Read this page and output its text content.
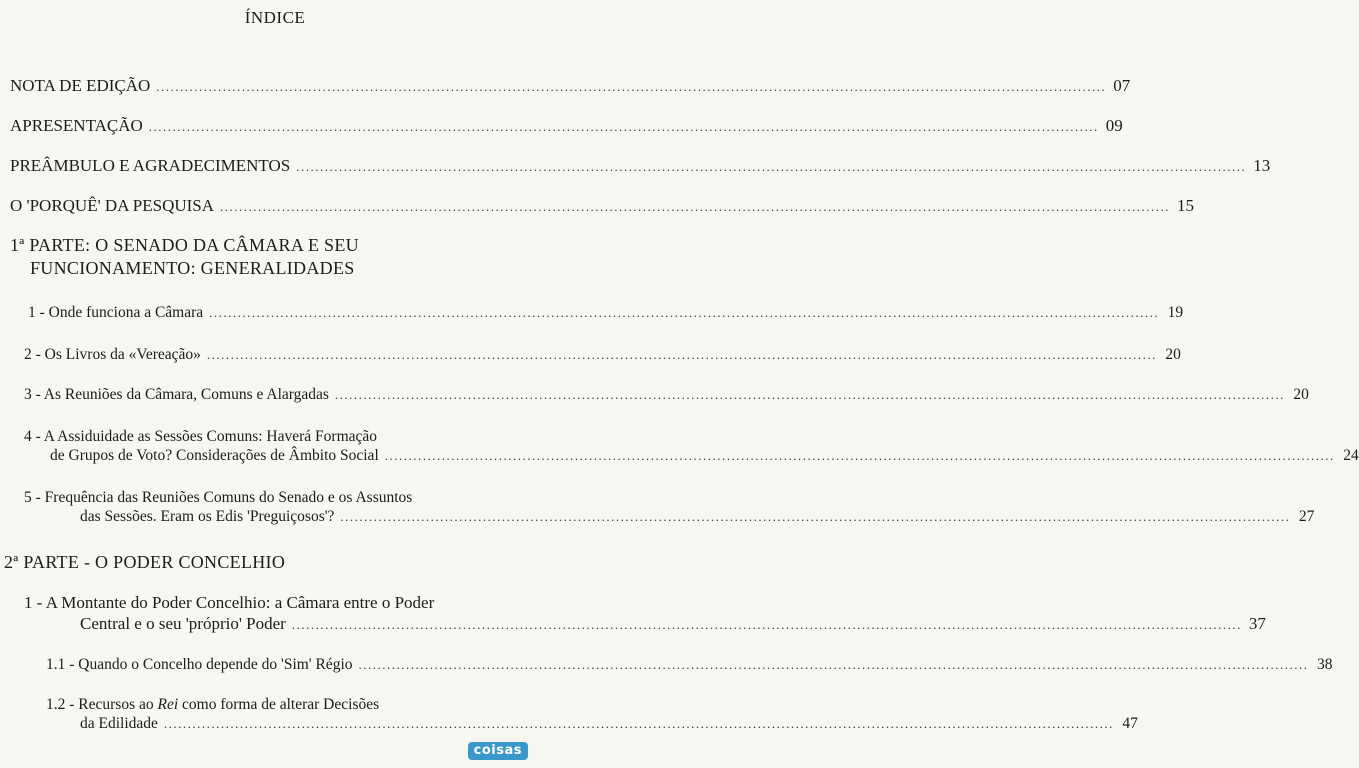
ÍNDICE
NOTA DE EDIÇÃO ........................................................................................................................................................................................................ 07
APRESENTAÇÃO ........................................................................................................................................................................................................ 09
PREÂMBULO E AGRADECIMENTOS ........................................................................................................................................................................................................ 13
O 'PORQUÊ' DA PESQUISA ........................................................................................................................................................................................................ 15
1ª PARTE: O SENADO DA CÂMARA E SEU
FUNCIONAMENTO: GENERALIDADES
1 - Onde funciona a Câmara ........................................................................................................................................................................................................ 19
2 - Os Livros da «Vereação» ........................................................................................................................................................................................................ 20
3 - As Reuniões da Câmara, Comuns e Alargadas ........................................................................................................................................................................................................ 20
4 - A Assiduidade as Sessões Comuns: Haverá Formação
de Grupos de Voto? Considerações de Âmbito Social ........................................................................................................................................................................................................ 24
5 - Frequência das Reuniões Comuns do Senado e os Assuntos
das Sessões. Eram os Edis 'Preguiçosos'? ........................................................................................................................................................................................................ 27
2ª PARTE - O PODER CONCELHIO
1 - A Montante do Poder Concelhio: a Câmara entre o Poder
Central e o seu 'próprio' Poder ........................................................................................................................................................................................................ 37
1.1 - Quando o Concelho depende do 'Sim' Régio ........................................................................................................................................................................................................ 38
1.2 - Recursos ao Rei como forma de alterar Decisões
da Edilidade ........................................................................................................................................................................................................ 47
coisas
